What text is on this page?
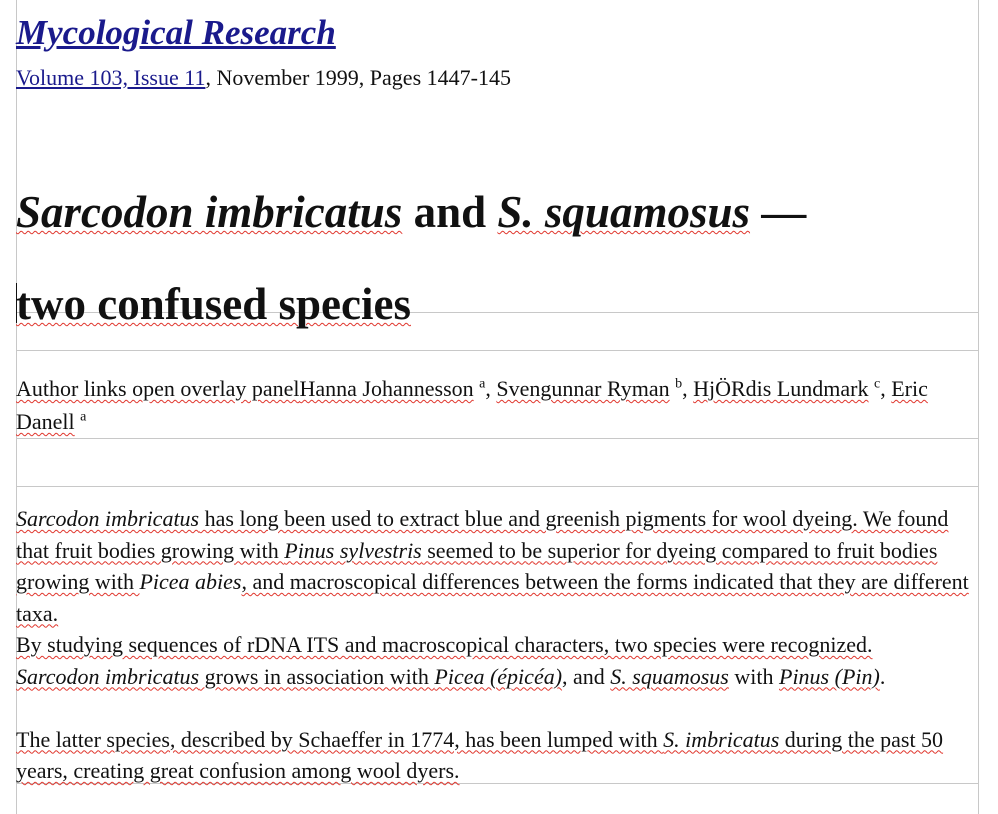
Mycological Research
Volume 103, Issue 11, November 1999, Pages 1447-145
Sarcodon imbricatus and S. squamosus —
two confused species
Author links open overlay panelHanna Johannesson $^a$, Svengunnar Ryman $^b$, HjÖRdis Lundmark $^c$, Eric Danell $^a$

Sarcodon imbricatus has long been used to extract blue and greenish pigments for wool dyeing. We found that fruit bodies growing with Pinus sylvestris seemed to be superior for dyeing compared to fruit bodies growing with Picea abies, and macroscopical differences between the forms indicated that they are different taxa.

By studying sequences of rDNA ITS and macroscopical characters, two species were recognized.
Sarcodon imbricatus grows in association with Picea (épicéa), and S. squamosus with Pinus (Pin).

The latter species, described by Schaeffer in 1774, has been lumped with S. imbricatus during the past 50 years, creating great confusion among wool dyers.
